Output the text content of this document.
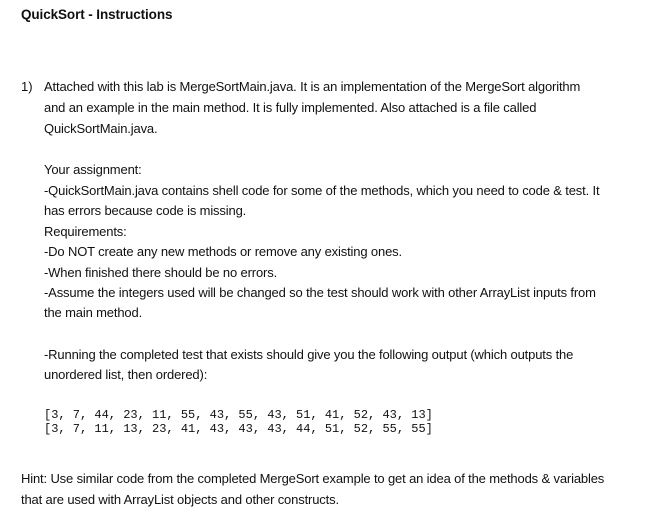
QuickSort - Instructions
1) Attached with this lab is MergeSortMain.java. It is an implementation of the MergeSort algorithm
and an example in the main method. It is fully implemented. Also attached is a file called
QuickSortMain.java.
Your assignment:
-QuickSortMain.java contains shell code for some of the methods, which you need to code & test. It
has errors because code is missing.
Requirements:
-Do NOT create any new methods or remove any existing ones.
-When finished there should be no errors.
-Assume the integers used will be changed so the test should work with other ArrayList inputs from
the main method.
-Running the completed test that exists should give you the following output (which outputs the
unordered list, then ordered):
[3, 7, 44, 23, 11, 55, 43, 55, 43, 51, 41, 52, 43, 13]
[3, 7, 11, 13, 23, 41, 43, 43, 43, 44, 51, 52, 55, 55]
Hint: Use similar code from the completed MergeSort example to get an idea of the methods & variables
that are used with ArrayList objects and other constructs.
